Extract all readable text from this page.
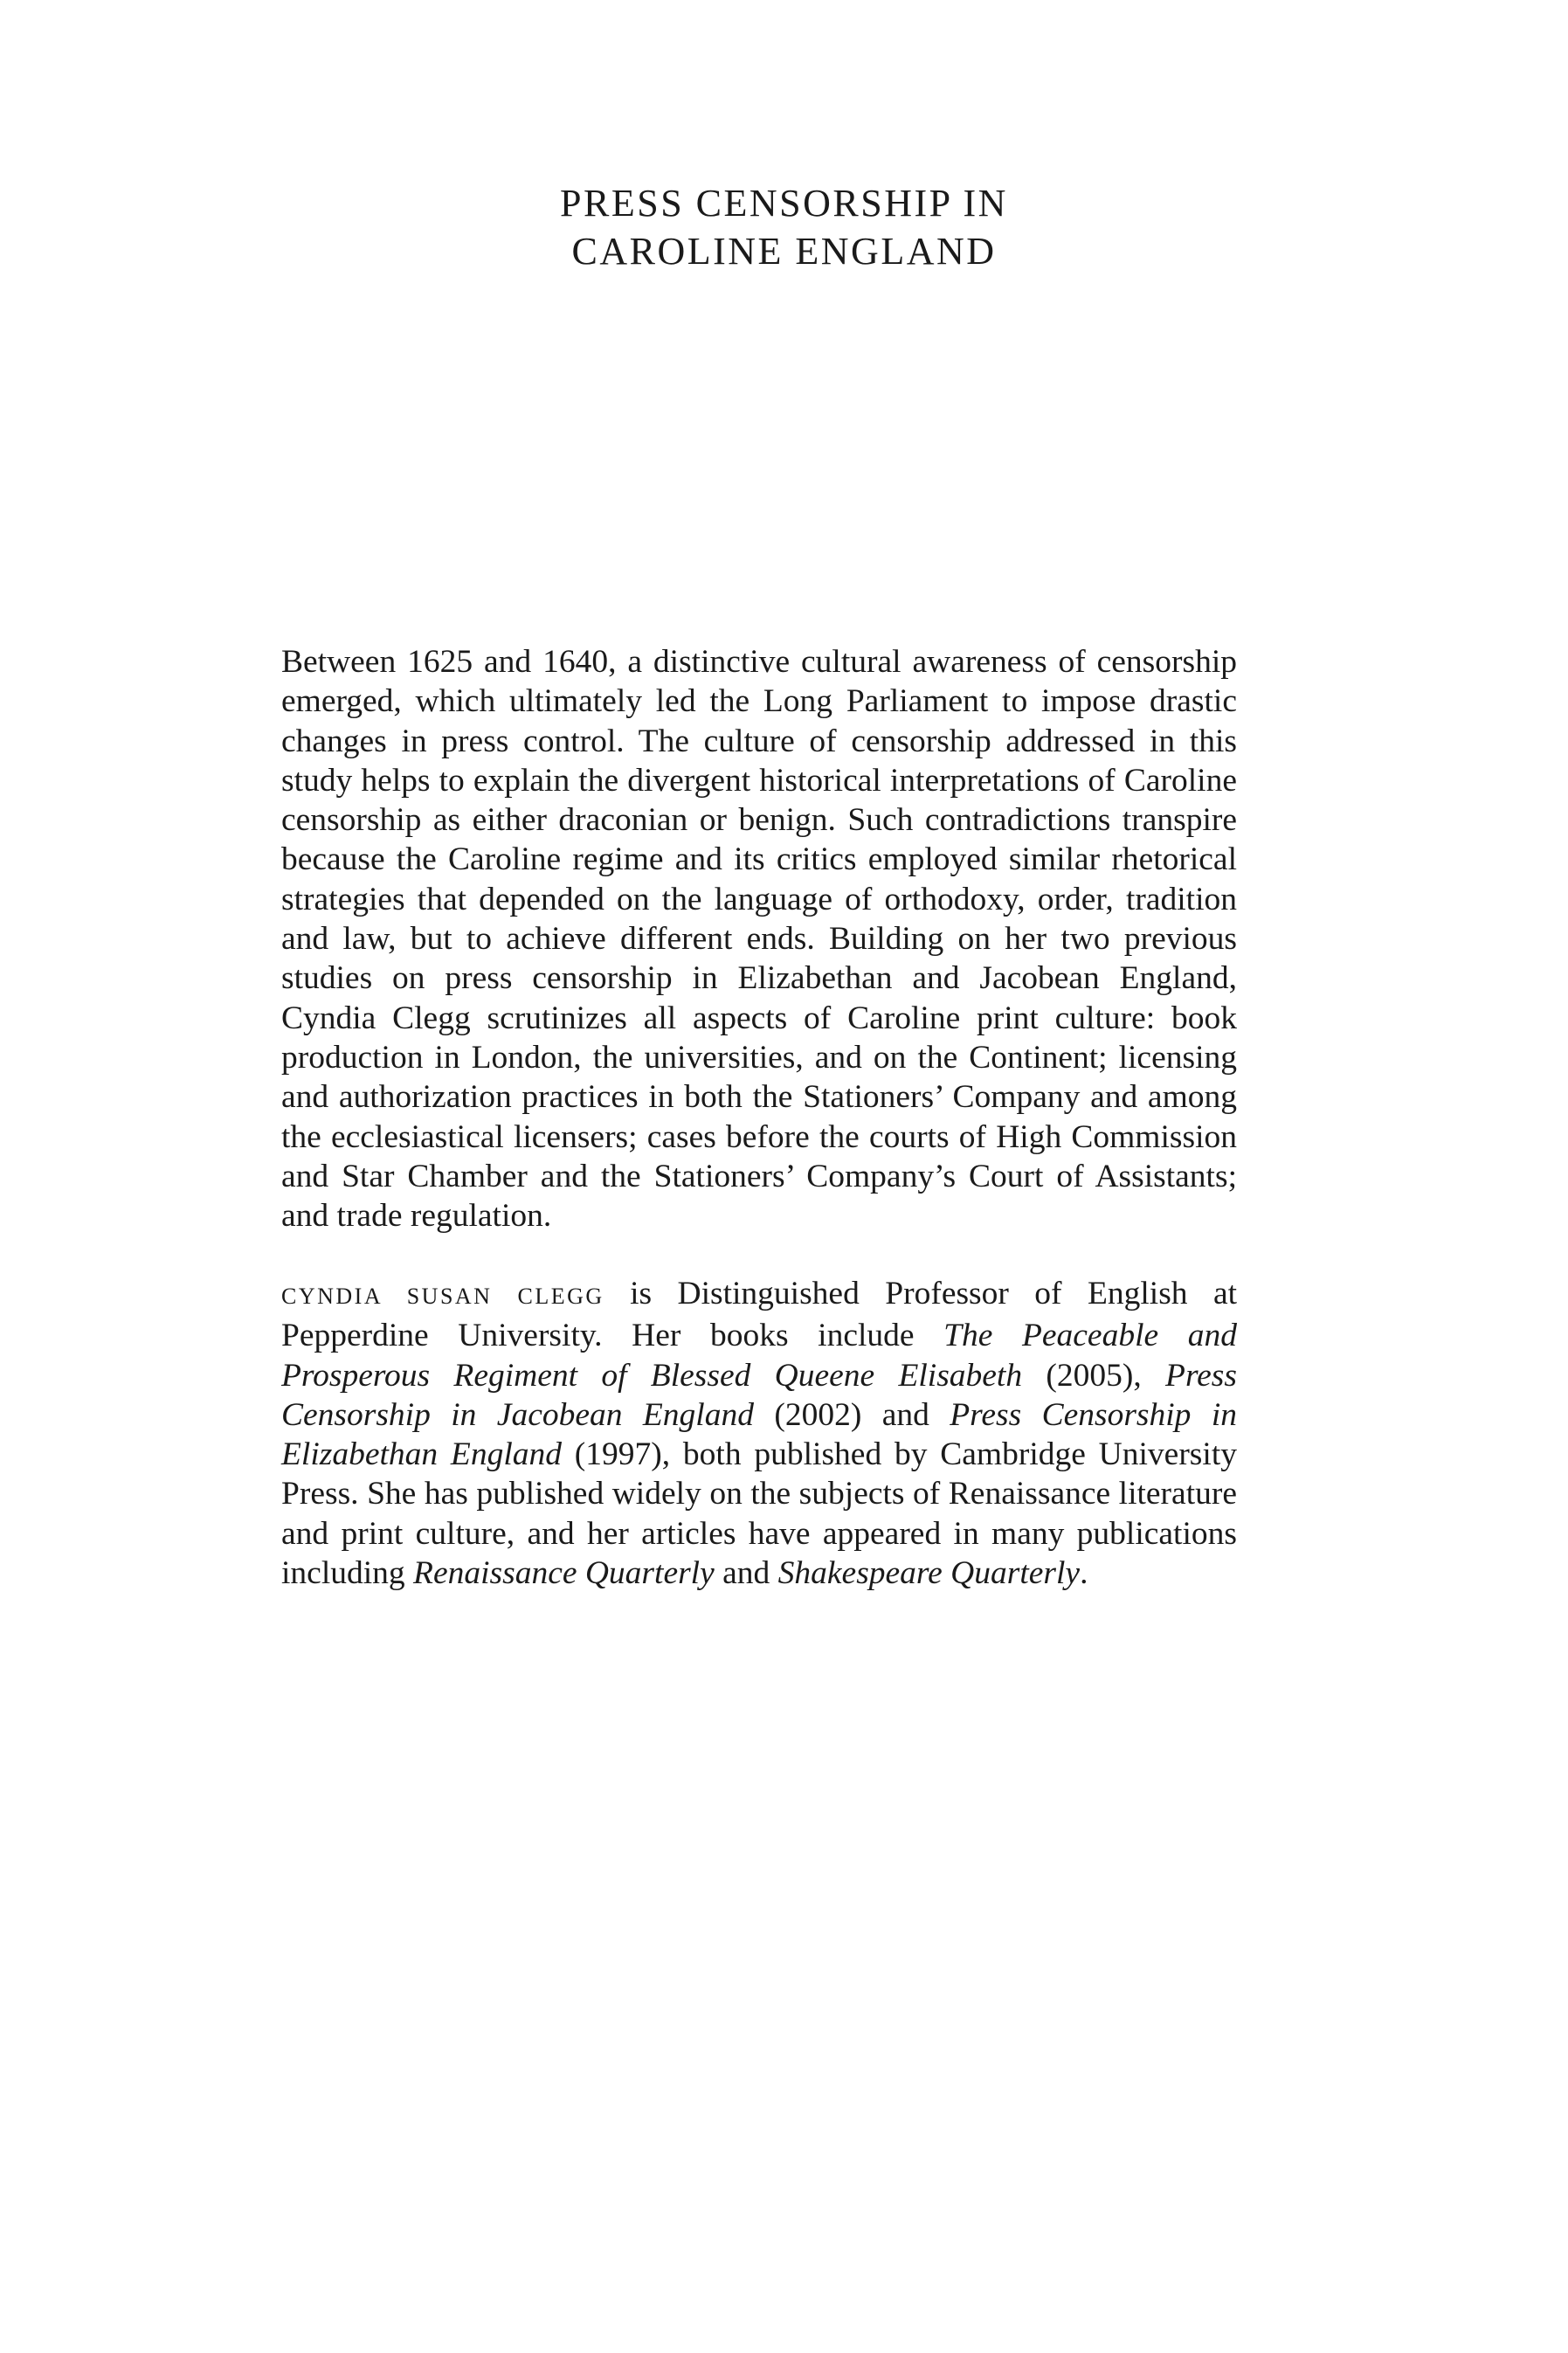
PRESS CENSORSHIP IN
CAROLINE ENGLAND

Between 1625 and 1640, a distinctive cultural awareness of censorship emerged, which ultimately led the Long Parliament to impose drastic changes in press control. The culture of censorship addressed in this study helps to explain the divergent historical interpretations of Caroline censorship as either draconian or benign. Such contradictions transpire because the Caroline regime and its critics employed similar rhetorical strategies that depended on the language of orthodoxy, order, tradition and law, but to achieve different ends. Building on her two previous studies on press censorship in Elizabethan and Jacobean England, Cyndia Clegg scrutinizes all aspects of Caroline print culture: book production in London, the universities, and on the Continent; licensing and authorization practices in both the Stationers’ Company and among the ecclesiastical licensers; cases before the courts of High Commission and Star Chamber and the Stationers’ Company’s Court of Assistants; and trade regulation.

CYNDIA SUSAN CLEGG is Distinguished Professor of English at Pepperdine University. Her books include The Peaceable and Prosperous Regiment of Blessed Queene Elisabeth (2005), Press Censorship in Jacobean England (2002) and Press Censorship in Elizabethan England (1997), both published by Cambridge University Press. She has published widely on the subjects of Renaissance literature and print culture, and her articles have appeared in many publications including Renaissance Quarterly and Shakespeare Quarterly.
